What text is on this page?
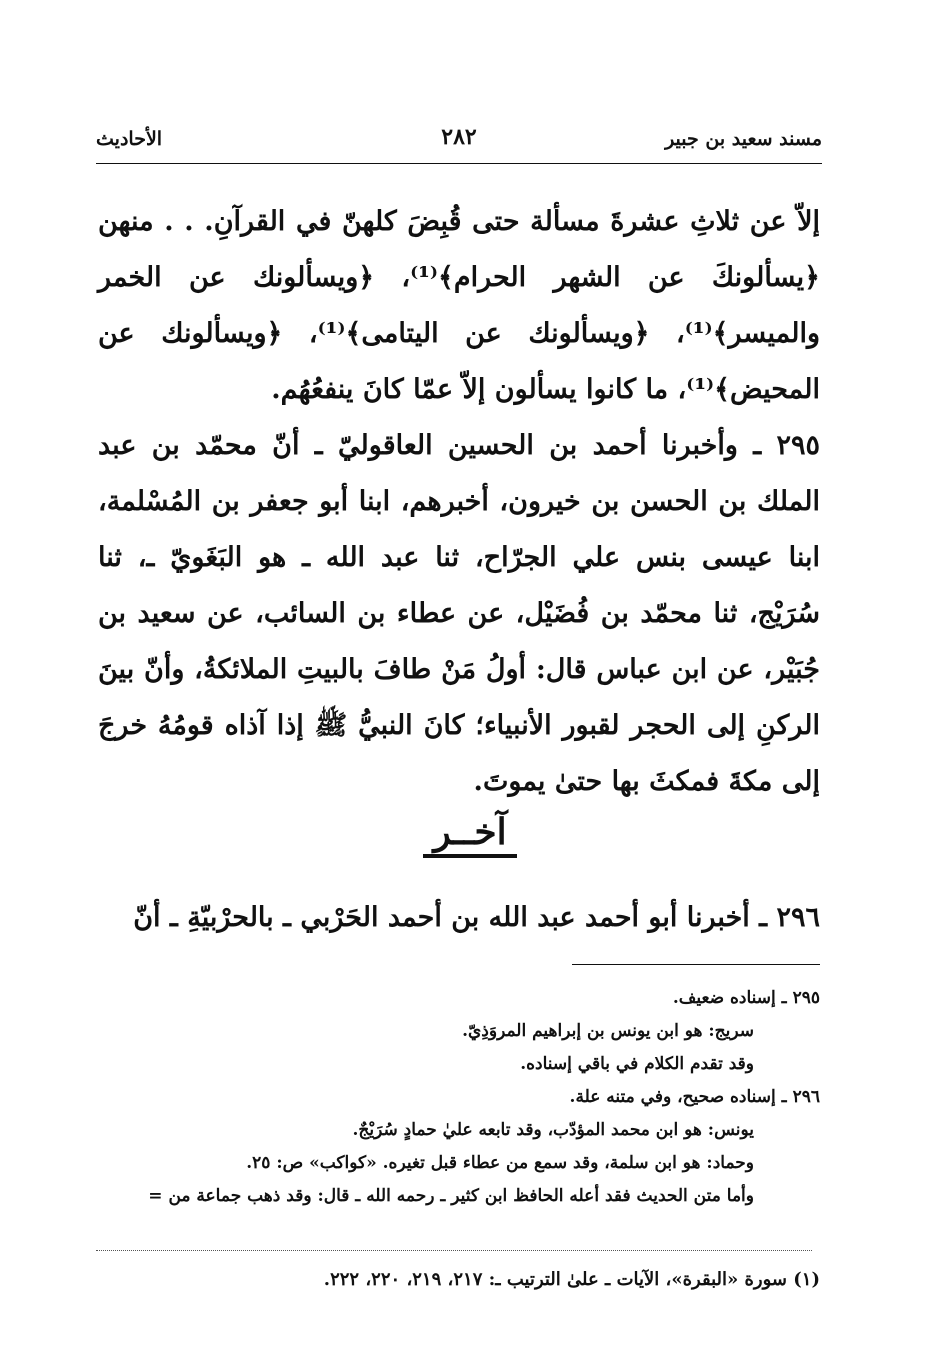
مسند سعيد بن جبير
٢٨٢
الأحاديث

إلاّ عن ثلاثِ عشرةَ مسألة حتى قُبِضَ كلهنّ في القرآنِ. . . منهن ﴿يسألونكَ عن الشهر الحرام﴾⁽¹⁾، ﴿ويسألونك عن الخمر والميسر﴾⁽¹⁾، ﴿ويسألونك عن اليتامى﴾⁽¹⁾، ﴿ويسألونك عن المحيض﴾⁽¹⁾، ما كانوا يسألون إلاّ عمّا كانَ ينفعُهُم.

٢٩٥ ـ وأخبرنا أحمد بن الحسين العاقوليّ ـ أنّ محمّد بن عبد الملك بن الحسن بن خيرون، أخبرهم، ابنا أبو جعفر بن المُسْلمة، ابنا عيسى بنس علي الجرّاح، ثنا عبد الله ـ هو البَغَويّ ـ، ثنا سُرَيْج، ثنا محمّد بن فُضَيْل، عن عطاء بن السائب، عن سعيد بن جُبَيْر، عن ابن عباس قال: أولُ مَنْ طافَ بالبيتِ الملائكةُ، وأنّ بينَ الركنِ إلى الحجر لقبور الأنبياء؛ كانَ النبيُّ ﷺ إذا آذاه قومُهُ خرجَ إلى مكةَ فمكثَ بها حتىٰ يموتَ.

آخــر

٢٩٦ ـ أخبرنا أبو أحمد عبد الله بن أحمد الحَرْبي ـ بالحرْبيّةِ ـ أنّ

٢٩٥ ـ إسناده ضعيف.
سريج: هو ابن يونس بن إبراهيم المروَذِيّ.
وقد تقدم الكلام في باقي إسناده.
٢٩٦ ـ إسناده صحيح، وفي متنه علة.
يونس: هو ابن محمد المؤدّب، وقد تابعه عليٰ حمادٍ سُرَيْجٌ.
وحماد: هو ابن سلمة، وقد سمع من عطاء قبل تغيره. «كواكب» ص: ٢٥.
وأما متن الحديث فقد أعله الحافظ ابن كثير ـ رحمه الله ـ قال: وقد ذهب جماعة من =
(١) سورة «البقرة»، الآيات ـ علىٰ الترتيب ـ: ٢١٧، ٢١٩، ٢٢٠، ٢٢٢.
